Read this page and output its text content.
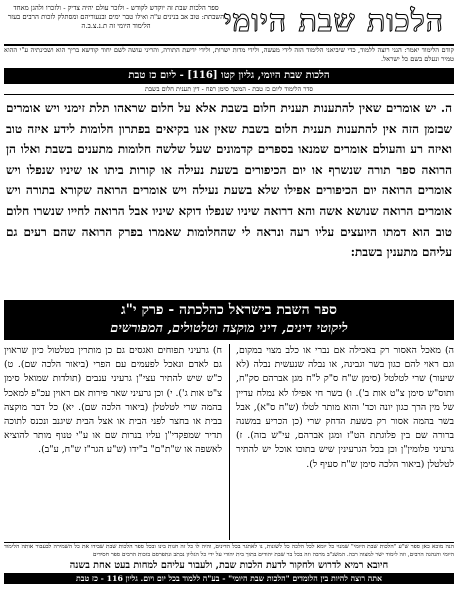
הלכות שבת היומי
ספר הלכות שבת זה יוקדש לקודש - ולזכר עולם יהיה צדיק - ולזכרו ולהגן מאחד השבתת: טוב אב בנינים ע"ה ואילו טבר ימים ובנעוריהם ומסתלק לזכות הרבים בעזר הלימוד היומי זה ת.נ.צ.ב.ה
קודם הלימוד יאמר: הנני רוצה ללמוד, כדי שיביאני הלימוד הזה לידי מעשה, ולידי מדות ישרות, ולידי ידיעת התורה, והריני עושה לשם יחוד קודשא בריך הוא ושכינתיה ע"י ההוא טמיר ונעלם בשם כל ישראל.
הלכות שבת היומי, גליון קטו [116] - ליום כז טבת
סדר הלימוד ליום כז טבת - המשך סימן רפח - דין תענית חלום בשבת
ה. יש אומרים שאין להתענות תענית חלום בשבת אלא על חלום שראהו תלת זימני ויש אומרים שבזמן הזה אין להתענות תענית חלום בשבת שאין אנו בקיאים בפתרון חלומות לידע איזה טוב ואיזה רע והעולם אומרים שמנאו בספרים קדמונים שעל שלשה חלומות מתענים בשבת ואלו הן הרואה ספר תורה שנשרף או יום הכיפורים בשעת נעילה או קורות ביתו או שיניו שנפלו ויש אומרים הרואה יום הכיפורים אפילו שלא בשעת נעילה ויש אומרים הרואה שקורא בתורה ויש אומרים הרואה שנושא אשה והא דרואה שיניו שנפלו דוקא שיניו אבל הרואה לחייו שנשרו חלום טוב הוא דמתו היועצים עליו רעה ונראה לי שהחלומות שאמרו בפרק הרואה שהם רעים גם עליהם מתענין בשבת:
ספר השבת בישראל כהלכתה - פרק י"ג
ליקוטי דינים, דיני מוקצה וטלטולים, המפורשים
ה) מאכל האסור רק באכילה אם נברי או כלב מצוי במקום, וגם ראוי להם כגון בשר וגבינה, או נבלה שנעשית נבלה (לא שיעור) שרי לטלטל (סימן ש"ח ס"ק ל"ח מגן אברהם סק"ח, ותוס"ש סימן צ"ט אות ב'). ו) בשר חי אפילו לא נמלח עדיין של מין הרך כגון יונה וכד' והוא מותר לטלו (ש"ח ס"א), אבל בשר בהמה אסור רק בשעת הדחק שרי (כן הכריע במשנה ברורה שם בין פלוגתת הט"ז ומגן אברהם, עי"ש בזה). ז) גרעיני פלומין"ן וכן בכל הגרעינין שיש בתוכו אוכל יש להתיר לטלטלן (ביאור הלכה סימן ש"ח סעיף ל).
ח) גרעיני תפוחים ואגסים גם כן מותרין בטלטול כיון שראוין גם לאדם ונאכל לפעמים עם הפרי (ביאור הלכה שם). ט) כ"ש שיש להתיר עצי"ן גרעיני ענבים (תולדות שמואל סימן צ"ט אות ג'). י) וכן גרעיני שאר פירות אם ראוין עכ"פ למאכל בהמה שרי לטלטלן (ביאור הלכה שם). יא) כל דבר מוקצה בבית או בחצר לפני הבית או אצל הבית שיגנב ונכנס לתוכה תדיר שמפקדי"ן עליו בנרות שם או ע"י טנוף מותר להוציא לאשפה או ש"ת"ם" ב"ידו (ש"ע הגר"ז ש"ח, ע"ב).
הנה מוכא כאן ספר ש"ע "הלכות שבת היומי" שמנוי כל יומא לכל הלכה כל לשונות, נו לאתגר בכל הדינים, והיה לו כל זה חנות בינו ובכל ספר הלכות שבת שבידו את כל השמירה לבעבור אותה הלימוד היומי והנהגה הרבים, וזה לימוד ישר למצוה רבה. המשנ"ב מרבה וזה בכל בר שבת יהודים בתוך בית יהודי על ידי כל הגליון נכתב ונתפרסם בזכות הרבים ספר חסידים
חיובא רמיא לדרוש ולחקור לדעת הלכות שבת, ולעבור עליהם למחות בעט אחת בשנה
אתה רוצה להיות בין הלומדים "הלכות שבת היומי" - בע"ה ללמוד בכל יום ויום. גליון 116 - כז טבת
